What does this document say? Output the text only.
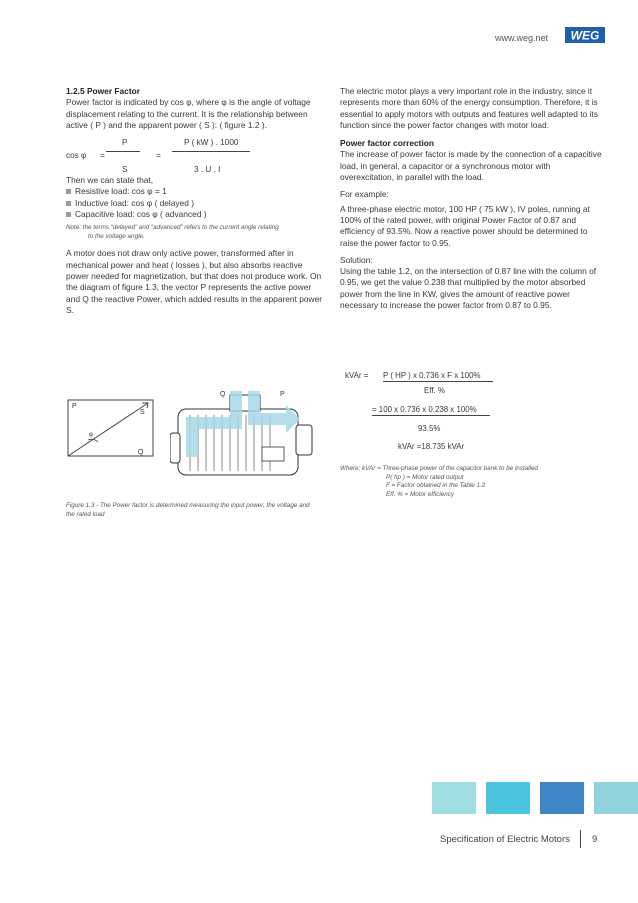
www.weg.net WEG

1.2.5 Power Factor

Power factor is indicated by cos φ, where φ is the angle of voltage displacement relating to the current. It is the relationship between active ( P ) and the apparent power ( S ): ( figure 1.2 ).

P	P ( kW ) . 1000
cos φ =	=
S	3 . U . I

Then we can state that,

Resistive load: cos φ = 1
Inductive load: cos φ ( delayed )
Capacitive load: cos φ ( advanced )
Note: the terms “delayed” and “advanced” refers to the current angle relating
to the voltage angle.

A motor does not draw only active power, transformed after in mechanical power and heat ( losses ), but also absorbs reactive power needed for magnetization, but that does not produce work. On the diagram of figure 1.3, the vector P represents the active power and Q the reactive Power, which added results in the apparent power S.

P
S
Q
φ
Q	P
Figure 1.3 - The Power factor is determined measuring the input power, the voltage and the rated load

The electric motor plays a very important role in the industry, since it represents more than 60% of the energy consumption. Therefore, it is essential to apply motors with outputs and features well adapted to its function since the power factor changes with motor load.

Power factor correction

The increase of power factor is made by the connection of a capacitive load, in general, a capacitor or a synchronous motor with overexcitation, in parallel with the load.

For example:

A three-phase electric motor, 100 HP ( 75 kW ), IV poles, running at 100% of the rated power, with original Power Factor of 0.87 and efficiency of 93.5%. Now a reactive power should be determined to raise the power factor to 0.95.

Solution:

Using the table 1.2, on the intersection of 0.87 line with the column of 0.95, we get the value 0.238 that multiplied by the motor absorbed power from the line in KW, gives the amount of reactive power necessary to increase the power factor from 0.87 to 0.95.

kVAr = P ( HP ) x 0.736 x F x 100%
Eff. %
= 100 x 0.736 x 0.238 x 100%
93.5%
kVAr =18.735 kVAr
Where; kVAr = Three-phase power of the capacitor bank to be installed
P( hp ) = Motor rated output
F = Factor obtained in the Table 1.2
Eff. % = Motor efficiency
Specification of Electric Motors 9
